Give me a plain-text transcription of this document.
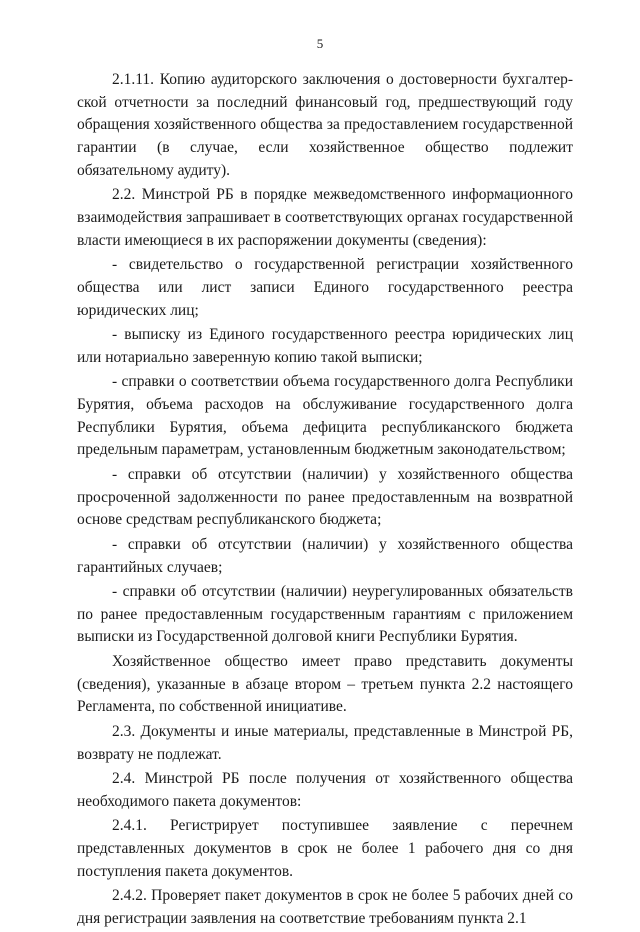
5

2.1.11. Копию аудиторского заключения о достоверности бухгалтерской отчетности за последний финансовый год, предшествующий году обращения хозяйственного общества за предоставлением государственной гарантии (в случае, если хозяйственное общество подлежит обязательному аудиту).

2.2. Минстрой РБ в порядке межведомственного информационного взаимодействия запрашивает в соответствующих органах государственной власти имеющиеся в их распоряжении документы (сведения):

- свидетельство о государственной регистрации хозяйственного общества или лист записи Единого государственного реестра юридических лиц;

- выписку из Единого государственного реестра юридических лиц или нотариально заверенную копию такой выписки;

- справки о соответствии объема государственного долга Республики Бурятия, объема расходов на обслуживание государственного долга Республики Бурятия, объема дефицита республиканского бюджета предельным параметрам, установленным бюджетным законодательством;

- справки об отсутствии (наличии) у хозяйственного общества просроченной задолженности по ранее предоставленным на возвратной основе средствам республиканского бюджета;

- справки об отсутствии (наличии) у хозяйственного общества гарантийных случаев;

- справки об отсутствии (наличии) неурегулированных обязательств по ранее предоставленным государственным гарантиям с приложением выписки из Государственной долговой книги Республики Бурятия.

Хозяйственное общество имеет право представить документы (сведения), указанные в абзаце втором – третьем пункта 2.2 настоящего Регламента, по собственной инициативе.

2.3. Документы и иные материалы, представленные в Минстрой РБ, возврату не подлежат.

2.4. Минстрой РБ после получения от хозяйственного общества необходимого пакета документов:

2.4.1. Регистрирует поступившее заявление с перечнем представленных документов в срок не более 1 рабочего дня со дня поступления пакета документов.

2.4.2. Проверяет пакет документов в срок не более 5 рабочих дней со дня регистрации заявления на соответствие требованиям пункта 2.1
